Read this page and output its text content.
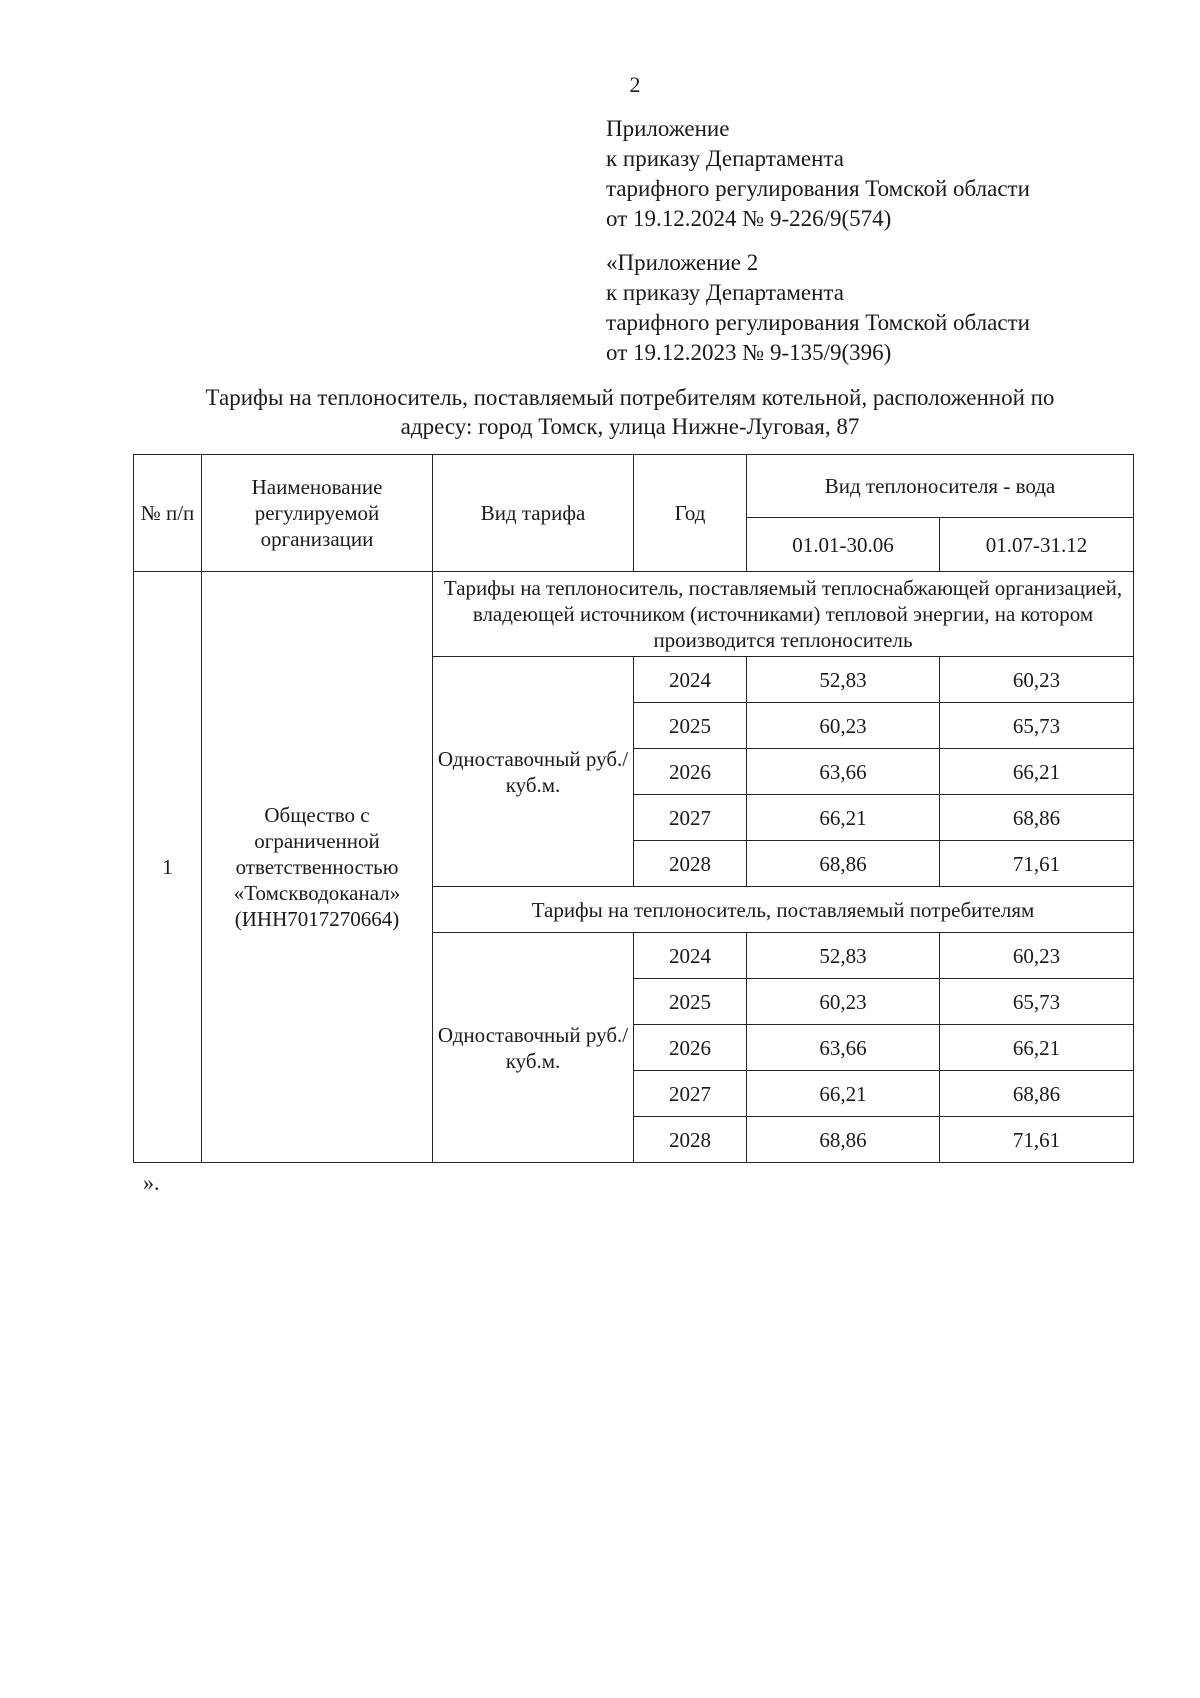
2
Приложение
к приказу Департамента
тарифного регулирования Томской области
от 19.12.2024 № 9-226/9(574)
«Приложение 2
к приказу Департамента
тарифного регулирования Томской области
от 19.12.2023 № 9-135/9(396)
Тарифы на теплоноситель, поставляемый потребителям котельной, расположенной по
адресу: город Томск, улица Нижне-Луговая, 87
№ п/п	Наименование регулируемой организации	Вид тарифа	Год	Вид теплоносителя - вода	
				01.01-30.06	01.07-31.12
1	Общество с ограниченной ответственностью «Томскводоканал» (ИНН7017270664)	Тарифы на теплоноситель, поставляемый теплоснабжающей организацией, владеющей источником (источниками) тепловой энергии, на котором производится теплоноситель			
		Одноставочный руб./куб.м.	2024	52,83	60,23
			2025	60,23	65,73
			2026	63,66	66,21
			2027	66,21	68,86
			2028	68,86	71,61
		Тарифы на теплоноситель, поставляемый потребителям			
		Одноставочный руб./куб.м.	2024	52,83	60,23
			2025	60,23	65,73
			2026	63,66	66,21
			2027	66,21	68,86
			2028	68,86	71,61
».
